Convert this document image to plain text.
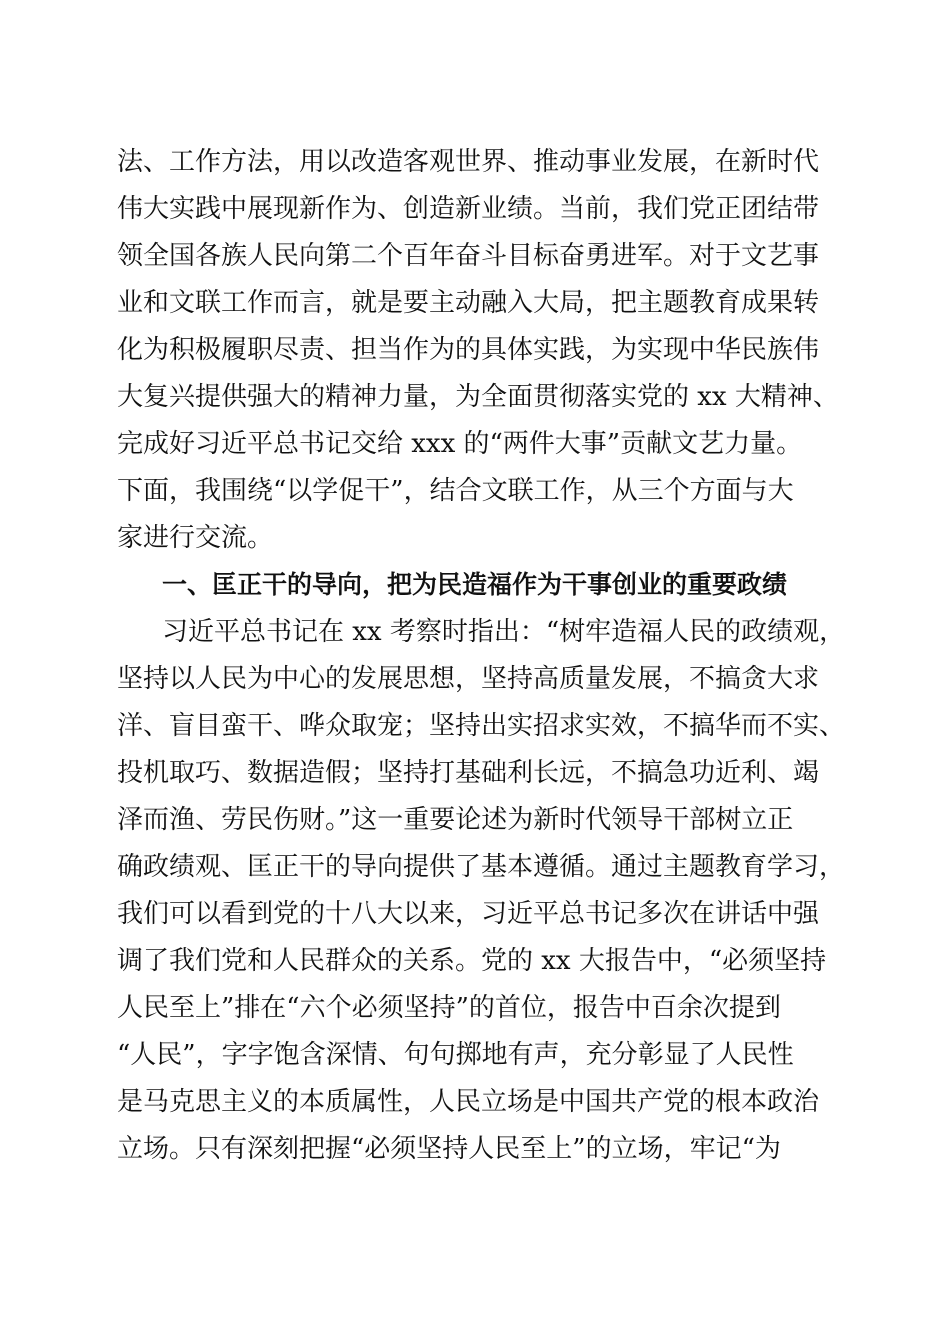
法、工作方法，用以改造客观世界、推动事业发展，在新时代
伟大实践中展现新作为、创造新业绩。当前，我们党正团结带
领全国各族人民向第二个百年奋斗目标奋勇进军。对于文艺事
业和文联工作而言，就是要主动融入大局，把主题教育成果转
化为积极履职尽责、担当作为的具体实践，为实现中华民族伟
大复兴提供强大的精神力量，为全面贯彻落实党的 xx 大精神、
完成好习近平总书记交给 xxx 的“两件大事”贡献文艺力量。
下面，我围绕“以学促干”，结合文联工作，从三个方面与大
家进行交流。
一、匡正干的导向，把为民造福作为干事创业的重要政绩
习近平总书记在 xx 考察时指出：“树牢造福人民的政绩观，
坚持以人民为中心的发展思想，坚持高质量发展，不搞贪大求
洋、盲目蛮干、哗众取宠；坚持出实招求实效，不搞华而不实、
投机取巧、数据造假；坚持打基础利长远，不搞急功近利、竭
泽而渔、劳民伤财。”这一重要论述为新时代领导干部树立正
确政绩观、匡正干的导向提供了基本遵循。通过主题教育学习，
我们可以看到党的十八大以来，习近平总书记多次在讲话中强
调了我们党和人民群众的关系。党的 xx 大报告中，“必须坚持
人民至上”排在“六个必须坚持”的首位，报告中百余次提到
“人民”，字字饱含深情、句句掷地有声，充分彰显了人民性
是马克思主义的本质属性，人民立场是中国共产党的根本政治
立场。只有深刻把握“必须坚持人民至上”的立场，牢记“为
